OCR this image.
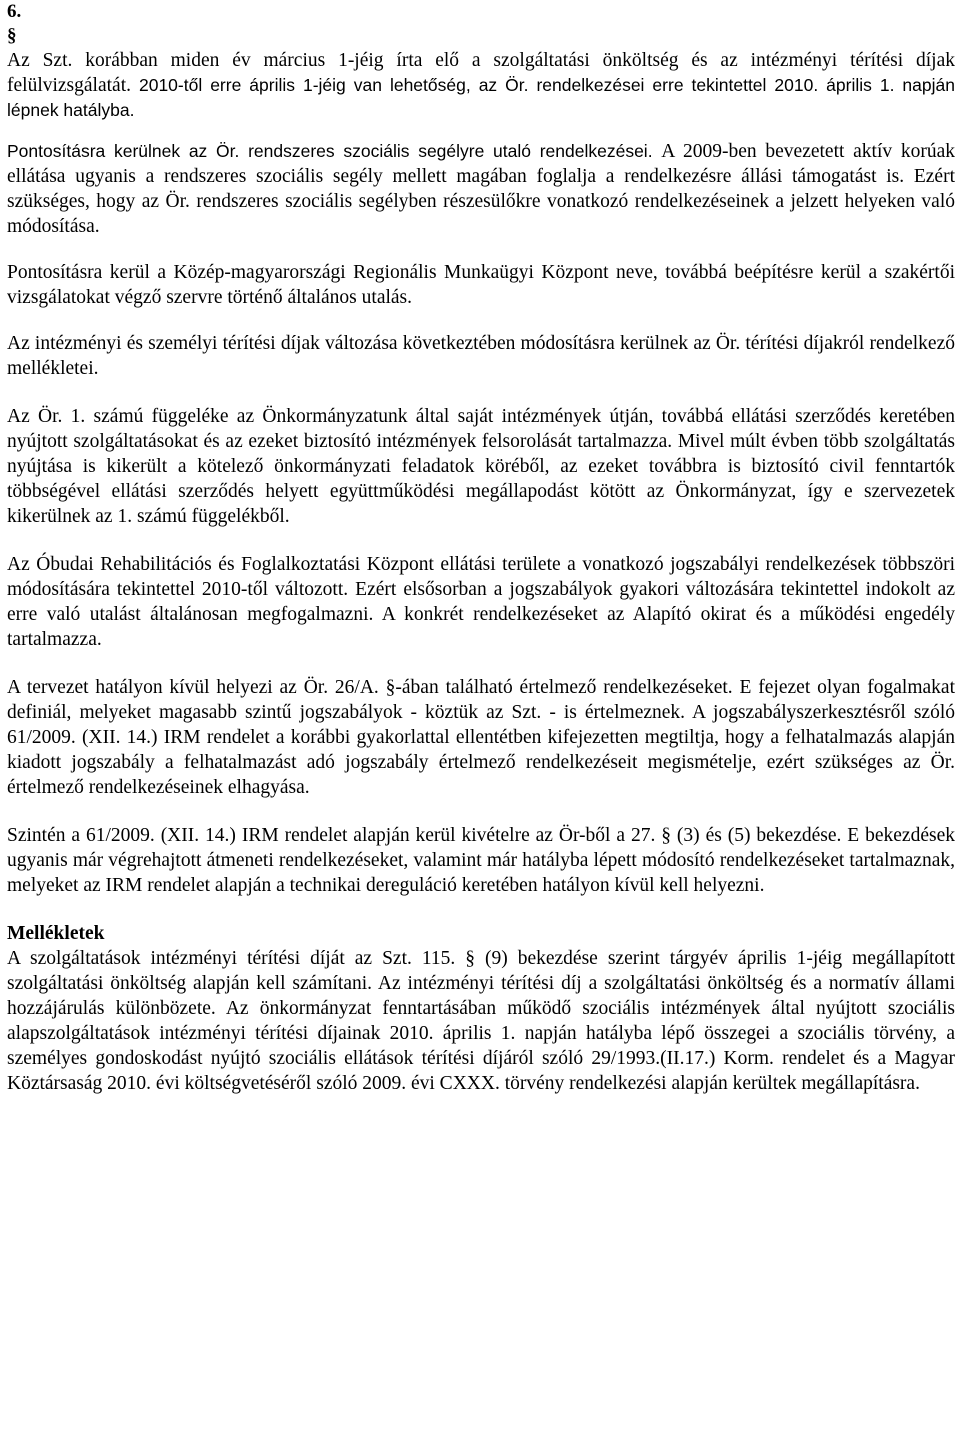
6.

§

Az Szt. korábban miden év március 1-jéig írta elő a szolgáltatási önköltség és az intézményi térítési díjak felülvizsgálatát. 2010-től erre április 1-jéig van lehetőség, az Ör. rendelkezései erre tekintettel 2010. április 1. napján lépnek hatályba.

Pontosításra kerülnek az Ör. rendszeres szociális segélyre utaló rendelkezései. A 2009-ben bevezetett aktív korúak ellátása ugyanis a rendszeres szociális segély mellett magában foglalja a rendelkezésre állási támogatást is. Ezért szükséges, hogy az Ör. rendszeres szociális segélyben részesülőkre vonatkozó rendelkezéseinek a jelzett helyeken való módosítása.

Pontosításra kerül a Közép-magyarországi Regionális Munkaügyi Központ neve, továbbá beépítésre kerül a szakértői vizsgálatokat végző szervre történő általános utalás.

Az intézményi és személyi térítési díjak változása következtében módosításra kerülnek az Ör. térítési díjakról rendelkező mellékletei.

Az Ör. 1. számú függeléke az Önkormányzatunk által saját intézmények útján, továbbá ellátási szerződés keretében nyújtott szolgáltatásokat és az ezeket biztosító intézmények felsorolását tartalmazza. Mivel múlt évben több szolgáltatás nyújtása is kikerült a kötelező önkormányzati feladatok köréből, az ezeket továbbra is biztosító civil fenntartók többségével ellátási szerződés helyett együttműködési megállapodást kötött az Önkormányzat, így e szervezetek kikerülnek az 1. számú függelékből.

Az Óbudai Rehabilitációs és Foglalkoztatási Központ ellátási területe a vonatkozó jogszabályi rendelkezések többszöri módosítására tekintettel 2010-től változott. Ezért elsősorban a jogszabályok gyakori változására tekintettel indokolt az erre való utalást általánosan megfogalmazni. A konkrét rendelkezéseket az Alapító okirat és a működési engedély tartalmazza.

A tervezet hatályon kívül helyezi az Ör. 26/A. §-ában található értelmező rendelkezéseket. E fejezet olyan fogalmakat definiál, melyeket magasabb szintű jogszabályok - köztük az Szt. - is értelmeznek. A jogszabályszerkesztésről szóló 61/2009. (XII. 14.) IRM rendelet a korábbi gyakorlattal ellentétben kifejezetten megtiltja, hogy a felhatalmazás alapján kiadott jogszabály a felhatalmazást adó jogszabály értelmező rendelkezéseit megismételje, ezért szükséges az Ör. értelmező rendelkezéseinek elhagyása.

Szintén a 61/2009. (XII. 14.) IRM rendelet alapján kerül kivételre az Ör-ből a 27. § (3) és (5) bekezdése. E bekezdések ugyanis már végrehajtott átmeneti rendelkezéseket, valamint már hatályba lépett módosító rendelkezéseket tartalmaznak, melyeket az IRM rendelet alapján a technikai dereguláció keretében hatályon kívül kell helyezni.

Mellékletek

A szolgáltatások intézményi térítési díját az Szt. 115. § (9) bekezdése szerint tárgyév április 1-jéig megállapított szolgáltatási önköltség alapján kell számítani. Az intézményi térítési díj a szolgáltatási önköltség és a normatív állami hozzájárulás különbözete. Az önkormányzat fenntartásában működő szociális intézmények által nyújtott szociális alapszolgáltatások intézményi térítési díjainak 2010. április 1. napján hatályba lépő összegei a szociális törvény, a személyes gondoskodást nyújtó szociális ellátások térítési díjáról szóló 29/1993.(II.17.) Korm. rendelet és a Magyar Köztársaság 2010. évi költségvetéséről szóló 2009. évi CXXX. törvény rendelkezési alapján kerültek megállapításra.
